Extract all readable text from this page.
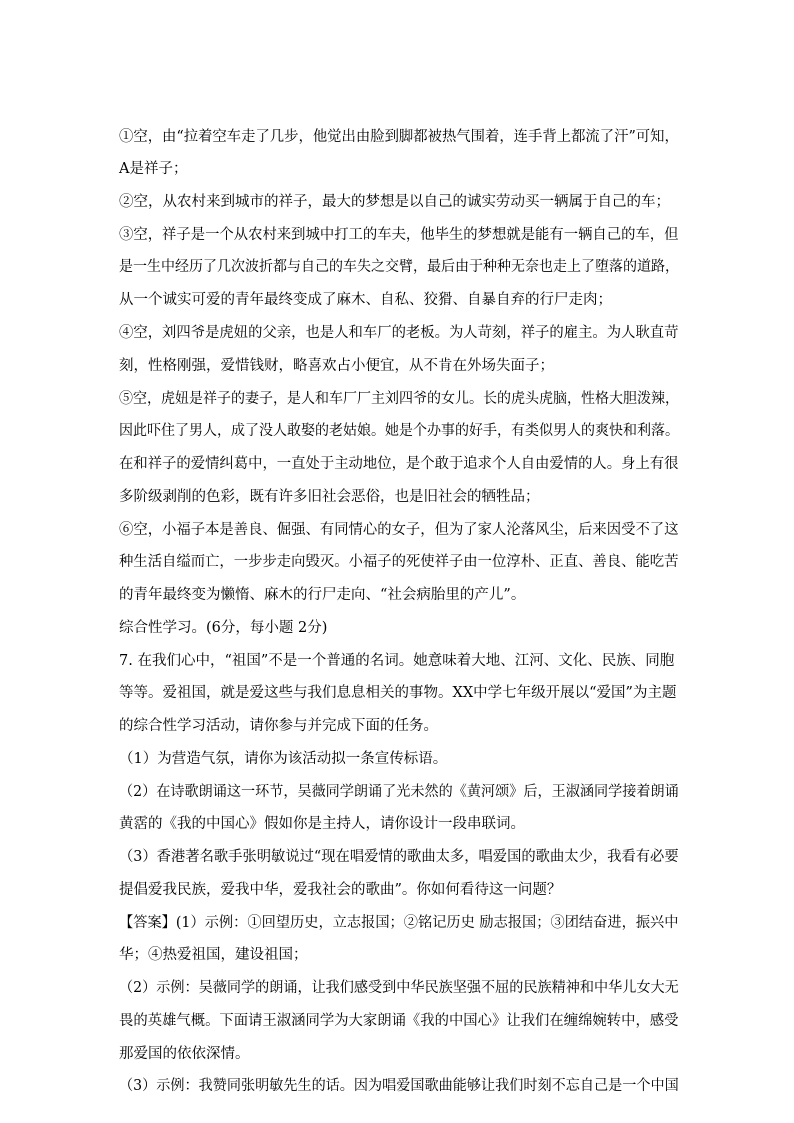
①空，由“拉着空车走了几步，他觉出由脸到脚都被热气围着，连手背上都流了汗”可知，
A是祥子；
②空，从农村来到城市的祥子，最大的梦想是以自己的诚实劳动买一辆属于自己的车；
③空，祥子是一个从农村来到城中打工的车夫，他毕生的梦想就是能有一辆自己的车，但
是一生中经历了几次波折都与自己的车失之交臂，最后由于种种无奈也走上了堕落的道路，
从一个诚实可爱的青年最终变成了麻木、自私、狡猾、自暴自弃的行尸走肉；
④空，刘四爷是虎妞的父亲，也是人和车厂的老板。为人苛刻，祥子的雇主。为人耿直苛
刻，性格刚强，爱惜钱财，略喜欢占小便宜，从不肯在外场失面子；
⑤空，虎妞是祥子的妻子，是人和车厂厂主刘四爷的女儿。长的虎头虎脑，性格大胆泼辣，
因此吓住了男人，成了没人敢娶的老姑娘。她是个办事的好手，有类似男人的爽快和利落。
在和祥子的爱情纠葛中，一直处于主动地位，是个敢于追求个人自由爱情的人。身上有很
多阶级剥削的色彩，既有许多旧社会恶俗，也是旧社会的牺牲品；
⑥空，小福子本是善良、倔强、有同情心的女子，但为了家人沦落风尘，后来因受不了这
种生活自缢而亡，一步步走向毁灭。小福子的死使祥子由一位淳朴、正直、善良、能吃苦
的青年最终变为懒惰、麻木的行尸走向、“社会病胎里的产儿”。
综合性学习。(6分，每小题 2分)
7. 在我们心中，“祖国”不是一个普通的名词。她意味着大地、江河、文化、民族、同胞
等等。爱祖国，就是爱这些与我们息息相关的事物。XX中学七年级开展以“爱国”为主题
的综合性学习活动，请你参与并完成下面的任务。
（1）为营造气氛，请你为该活动拟一条宣传标语。
（2）在诗歌朗诵这一环节，吴薇同学朗诵了光未然的《黄河颂》后，王淑涵同学接着朗诵
黄霑的《我的中国心》假如你是主持人，请你设计一段串联词。
（3）香港著名歌手张明敏说过“现在唱爱情的歌曲太多，唱爱国的歌曲太少，我看有必要
提倡爱我民族，爱我中华，爱我社会的歌曲”。你如何看待这一问题？
【答案】(1）示例：①回望历史，立志报国；②铭记历史 励志报国；③团结奋进，振兴中
华；④热爱祖国，建设祖国；
（2）示例：吴薇同学的朗诵，让我们感受到中华民族坚强不屈的民族精神和中华儿女大无
畏的英雄气概。下面请王淑涵同学为大家朗诵《我的中国心》让我们在缠绵婉转中，感受
那爱国的依依深情。
（3）示例：我赞同张明敏先生的话。因为唱爱国歌曲能够让我们时刻不忘自己是一个中国
